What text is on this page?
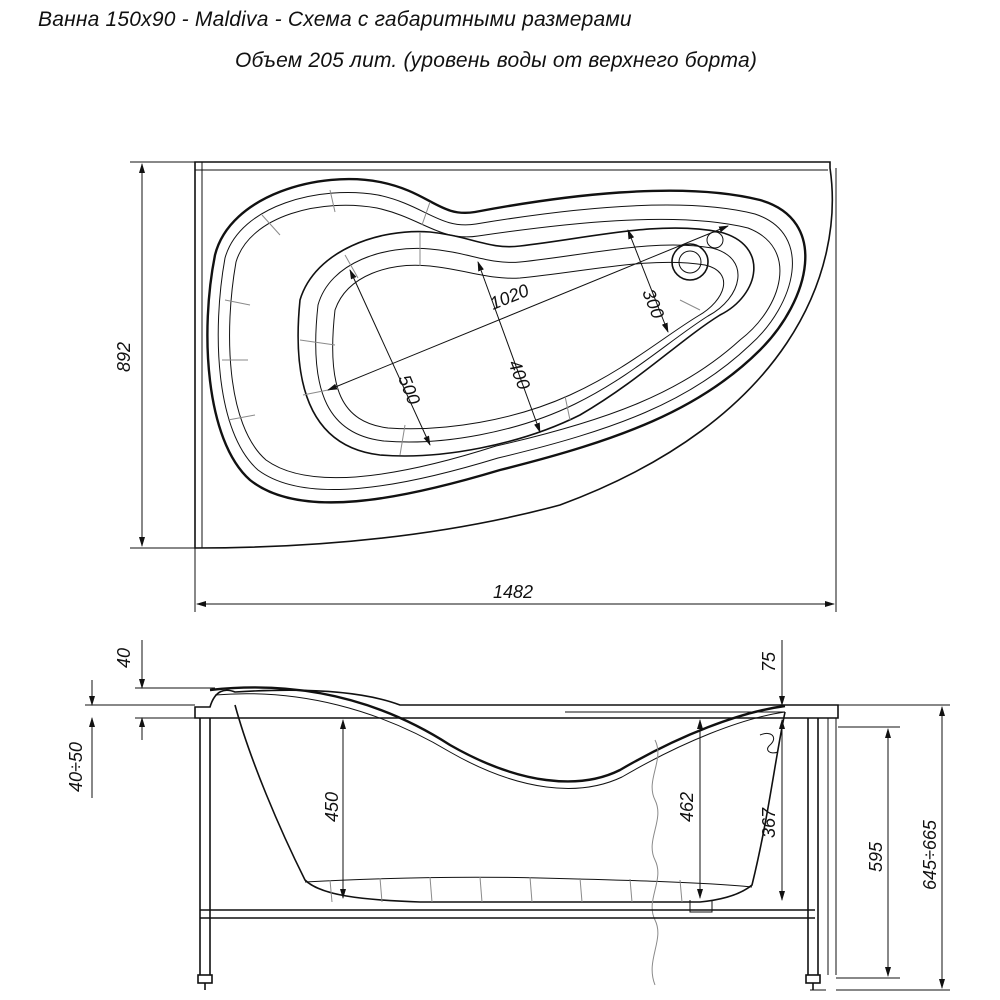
Ванна 150х90 - Maldiva - Схема с габаритными размерами
Объем 205 лит. (уровень воды от верхнего борта)
1020
500	400
300
892
1482
40
40÷50
450	462
367
75
595 645÷665
